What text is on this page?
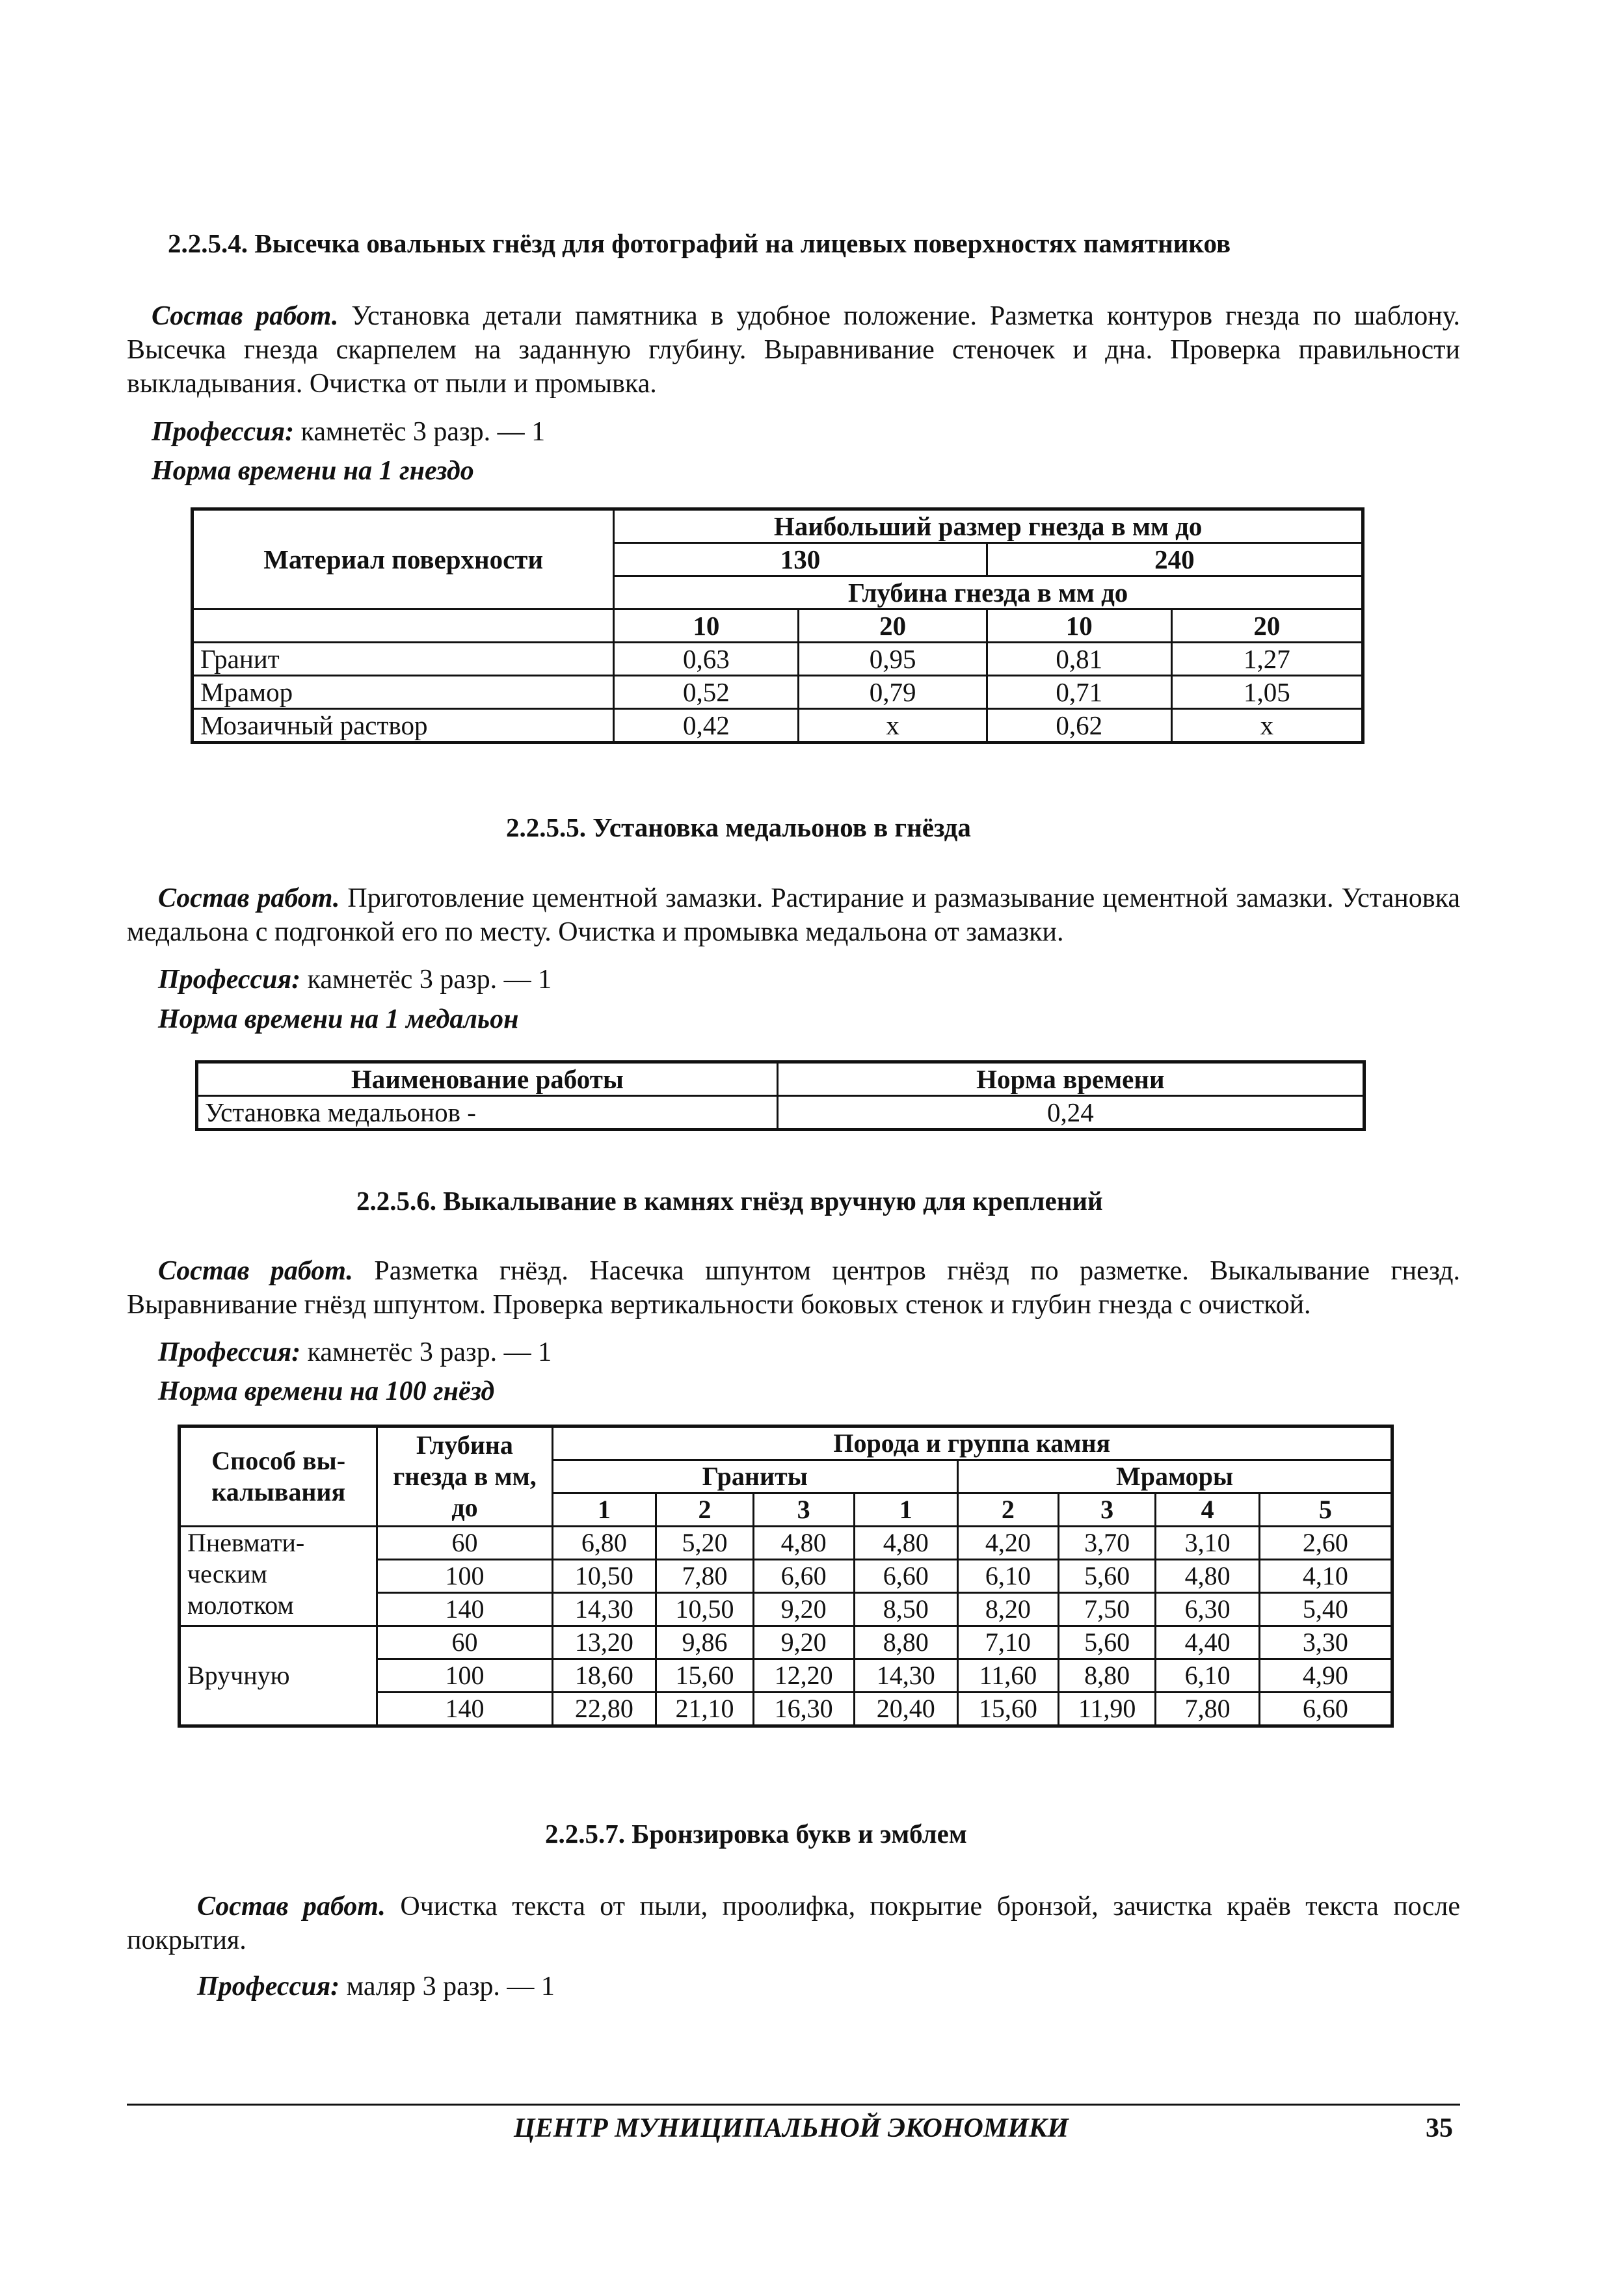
2.2.5.4. Высечка овальных гнёзд для фотографий на лицевых поверхностях памятников
Состав работ. Установка детали памятника в удобное положение. Разметка контуров гнезда по шаблону. Высечка гнезда скарпелем на заданную глубину. Выравнивание стеночек и дна. Проверка правильности выкладывания. Очистка от пыли и промывка.
Профессия: камнетёс 3 разр. — 1
Норма времени на 1 гнездо
Материал поверхности	Наибольший размер гнезда в мм до			
	130		240	
	Глубина гнезда в мм до			
	10	20	10	20
Гранит	0,63	0,95	0,81	1,27
Мрамор	0,52	0,79	0,71	1,05
Мозаичный раствор	0,42	х	0,62	х
2.2.5.5. Установка медальонов в гнёзда
Состав работ. Приготовление цементной замазки. Растирание и размазывание цементной замазки. Установка медальона с подгонкой его по месту. Очистка и промывка медальона от замазки.
Профессия: камнетёс 3 разр. — 1
Норма времени на 1 медальон
Наименование работы	Норма времени
Установка медальонов -	0,24
2.2.5.6. Выкалывание в камнях гнёзд вручную для креплений
Состав работ. Разметка гнёзд. Насечка шпунтом центров гнёзд по разметке. Выкалывание гнезд. Выравнивание гнёзд шпунтом. Проверка вертикальности боковых стенок и глубин гнезда с очисткой.
Профессия: камнетёс 3 разр. — 1
Норма времени на 100 гнёзд
Способ вы-калывания	Глубина гнезда в мм, до	Порода и группа камня							
		Граниты				Мраморы			
		1	2	3	1	2	3	4	5
Пневмати-ческим молотком	60	6,80	5,20	4,80	4,80	4,20	3,70	3,10	2,60
	100	10,50	7,80	6,60	6,60	6,10	5,60	4,80	4,10
	140	14,30	10,50	9,20	8,50	8,20	7,50	6,30	5,40
Вручную	60	13,20	9,86	9,20	8,80	7,10	5,60	4,40	3,30
	100	18,60	15,60	12,20	14,30	11,60	8,80	6,10	4,90
	140	22,80	21,10	16,30	20,40	15,60	11,90	7,80	6,60
2.2.5.7. Бронзировка букв и эмблем
Состав работ. Очистка текста от пыли, проолифка, покрытие бронзой, зачистка краёв текста после покрытия.
Профессия: маляр 3 разр. — 1
ЦЕНТР МУНИЦИПАЛЬНОЙ ЭКОНОМИКИ	35
